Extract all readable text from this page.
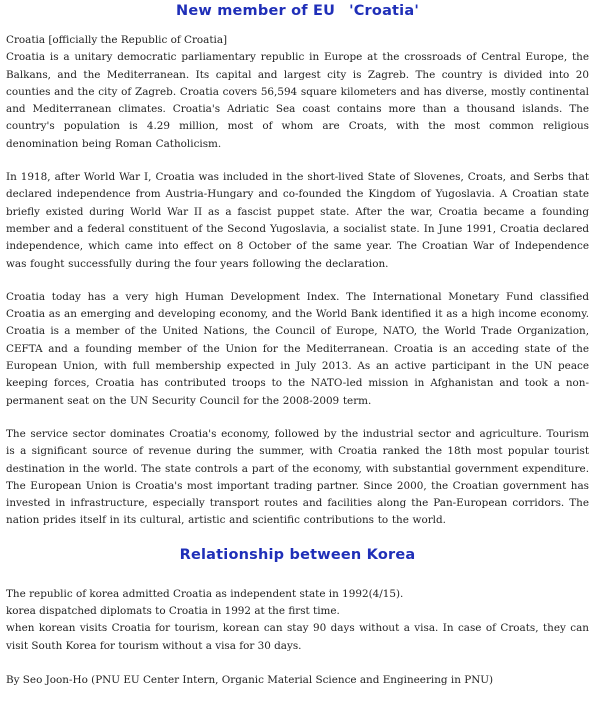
New member of EU 'Croatia'

Croatia [officially the Republic of Croatia]

Croatia is a unitary democratic parliamentary republic in Europe at the crossroads of Central Europe, the Balkans, and the Mediterranean. Its capital and largest city is Zagreb. The country is divided into 20 counties and the city of Zagreb. Croatia covers 56,594 square kilometers and has diverse, mostly continental and Mediterranean climates. Croatia's Adriatic Sea coast contains more than a thousand islands. The country's population is 4.29 million, most of whom are Croats, with the most common religious denomination being Roman Catholicism.

In 1918, after World War I, Croatia was included in the short-lived State of Slovenes, Croats, and Serbs that declared independence from Austria-Hungary and co-founded the Kingdom of Yugoslavia. A Croatian state briefly existed during World War II as a fascist puppet state. After the war, Croatia became a founding member and a federal constituent of the Second Yugoslavia, a socialist state. In June 1991, Croatia declared independence, which came into effect on 8 October of the same year. The Croatian War of Independence was fought successfully during the four years following the declaration.

Croatia today has a very high Human Development Index. The International Monetary Fund classified Croatia as an emerging and developing economy, and the World Bank identified it as a high income economy. Croatia is a member of the United Nations, the Council of Europe, NATO, the World Trade Organization, CEFTA and a founding member of the Union for the Mediterranean. Croatia is an acceding state of the European Union, with full membership expected in July 2013. As an active participant in the UN peace keeping forces, Croatia has contributed troops to the NATO-led mission in Afghanistan and took a non-permanent seat on the UN Security Council for the 2008-2009 term.

The service sector dominates Croatia's economy, followed by the industrial sector and agriculture. Tourism is a significant source of revenue during the summer, with Croatia ranked the 18th most popular tourist destination in the world. The state controls a part of the economy, with substantial government expenditure. The European Union is Croatia's most important trading partner. Since 2000, the Croatian government has invested in infrastructure, especially transport routes and facilities along the Pan-European corridors. The nation prides itself in its cultural, artistic and scientific contributions to the world.

Relationship between Korea

The republic of korea admitted Croatia as independent state in 1992(4/15).

korea dispatched diplomats to Croatia in 1992 at the first time.

when korean visits Croatia for tourism, korean can stay 90 days without a visa. In case of Croats, they can visit South Korea for tourism without a visa for 30 days.

By Seo Joon-Ho (PNU EU Center Intern, Organic Material Science and Engineering in PNU)
